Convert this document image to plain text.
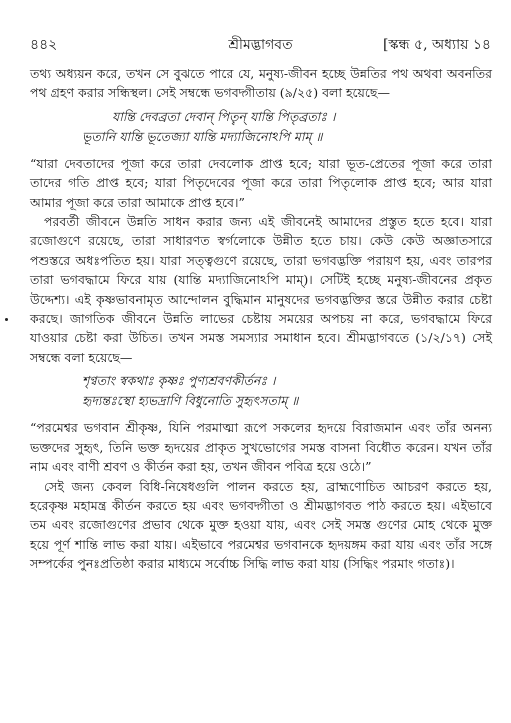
৪৪২	শ্রীমদ্ভাগবত	[স্কন্ধ ৫, অধ্যায় ১৪

তথ্য অধ্যয়ন করে, তখন সে বুঝতে পারে যে, মনুষ্য-জীবন হচ্ছে উন্নতির পথ অথবা অবনতির পথ গ্রহণ করার সন্ধিস্থল। সেই সম্বন্ধে ভগবদ্গীতায় (৯/২৫) বলা হয়েছে—

যান্তি দেবব্রতা দেবান্ পিতৄন্ যান্তি পিতৃব্রতাঃ ।

ভূতানি যান্তি ভূতেজ্যা যান্তি মদ্যাজিনোঽপি মাম্ ॥

“যারা দেবতাদের পূজা করে তারা দেবলোক প্রাপ্ত হবে; যারা ভূত-প্রেতের পূজা করে তারা তাদের গতি প্রাপ্ত হবে; যারা পিতৃদেবের পূজা করে তারা পিতৃলোক প্রাপ্ত হবে; আর যারা আমার পূজা করে তারা আমাকে প্রাপ্ত হবে।”

পরবর্তী জীবনে উন্নতি সাধন করার জন্য এই জীবনেই আমাদের প্রস্তুত হতে হবে। যারা রজোগুণে রয়েছে, তারা সাধারণত স্বর্গলোকে উন্নীত হতে চায়। কেউ কেউ অজ্ঞাতসারে পশুস্তরে অধঃপতিত হয়। যারা সত্ত্বগুণে রয়েছে, তারা ভগবদ্ভক্তি পরায়ণ হয়, এবং তারপর তারা ভগবদ্ধামে ফিরে যায় (যান্তি মদ্যাজিনোঽপি মাম্)। সেটিই হচ্ছে মনুষ্য-জীবনের প্রকৃত উদ্দেশ্য। এই কৃষ্ণভাবনামৃত আন্দোলন বুদ্ধিমান মানুষদের ভগবদ্ভক্তির স্তরে উন্নীত করার চেষ্টা করছে। জাগতিক জীবনে উন্নতি লাভের চেষ্টায় সময়ের অপচয় না করে, ভগবদ্ধামে ফিরে যাওয়ার চেষ্টা করা উচিত। তখন সমস্ত সমস্যার সমাধান হবে। শ্রীমদ্ভাগবতে (১/২/১৭) সেই সম্বন্ধে বলা হয়েছে—

শৃণ্বতাং স্বকথাঃ কৃষ্ণঃ পুণ্যশ্রবণকীর্তনঃ ।

হৃদ্যন্তঃস্থো হ্যভদ্রাণি বিধুনোতি সুহৃৎসতাম্ ॥

“পরমেশ্বর ভগবান শ্রীকৃষ্ণ, যিনি পরমাত্মা রূপে সকলের হৃদয়ে বিরাজমান এবং তাঁর অনন্য ভক্তদের সুহৃৎ, তিনি ভক্ত হৃদয়ের প্রাকৃত সুখভোগের সমস্ত বাসনা বিধৌত করেন। যখন তাঁর নাম এবং বাণী শ্রবণ ও কীর্তন করা হয়, তখন জীবন পবিত্র হয়ে ওঠে।”

সেই জন্য কেবল বিধি-নিষেধগুলি পালন করতে হয়, ব্রাহ্মণোচিত আচরণ করতে হয়, হরেকৃষ্ণ মহামন্ত্র কীর্তন করতে হয় এবং ভগবদ্গীতা ও শ্রীমদ্ভাগবত পাঠ করতে হয়। এইভাবে তম এবং রজোগুণের প্রভাব থেকে মুক্ত হওয়া যায়, এবং সেই সমস্ত গুণের মোহ থেকে মুক্ত হয়ে পূর্ণ শান্তি লাভ করা যায়। এইভাবে পরমেশ্বর ভগবানকে হৃদয়ঙ্গম করা যায় এবং তাঁর সঙ্গে সম্পর্কের পুনঃপ্রতিষ্ঠা করার মাধ্যমে সর্বোচ্চ সিদ্ধি লাভ করা যায় (সিদ্ধিং পরমাং গতাঃ)।
